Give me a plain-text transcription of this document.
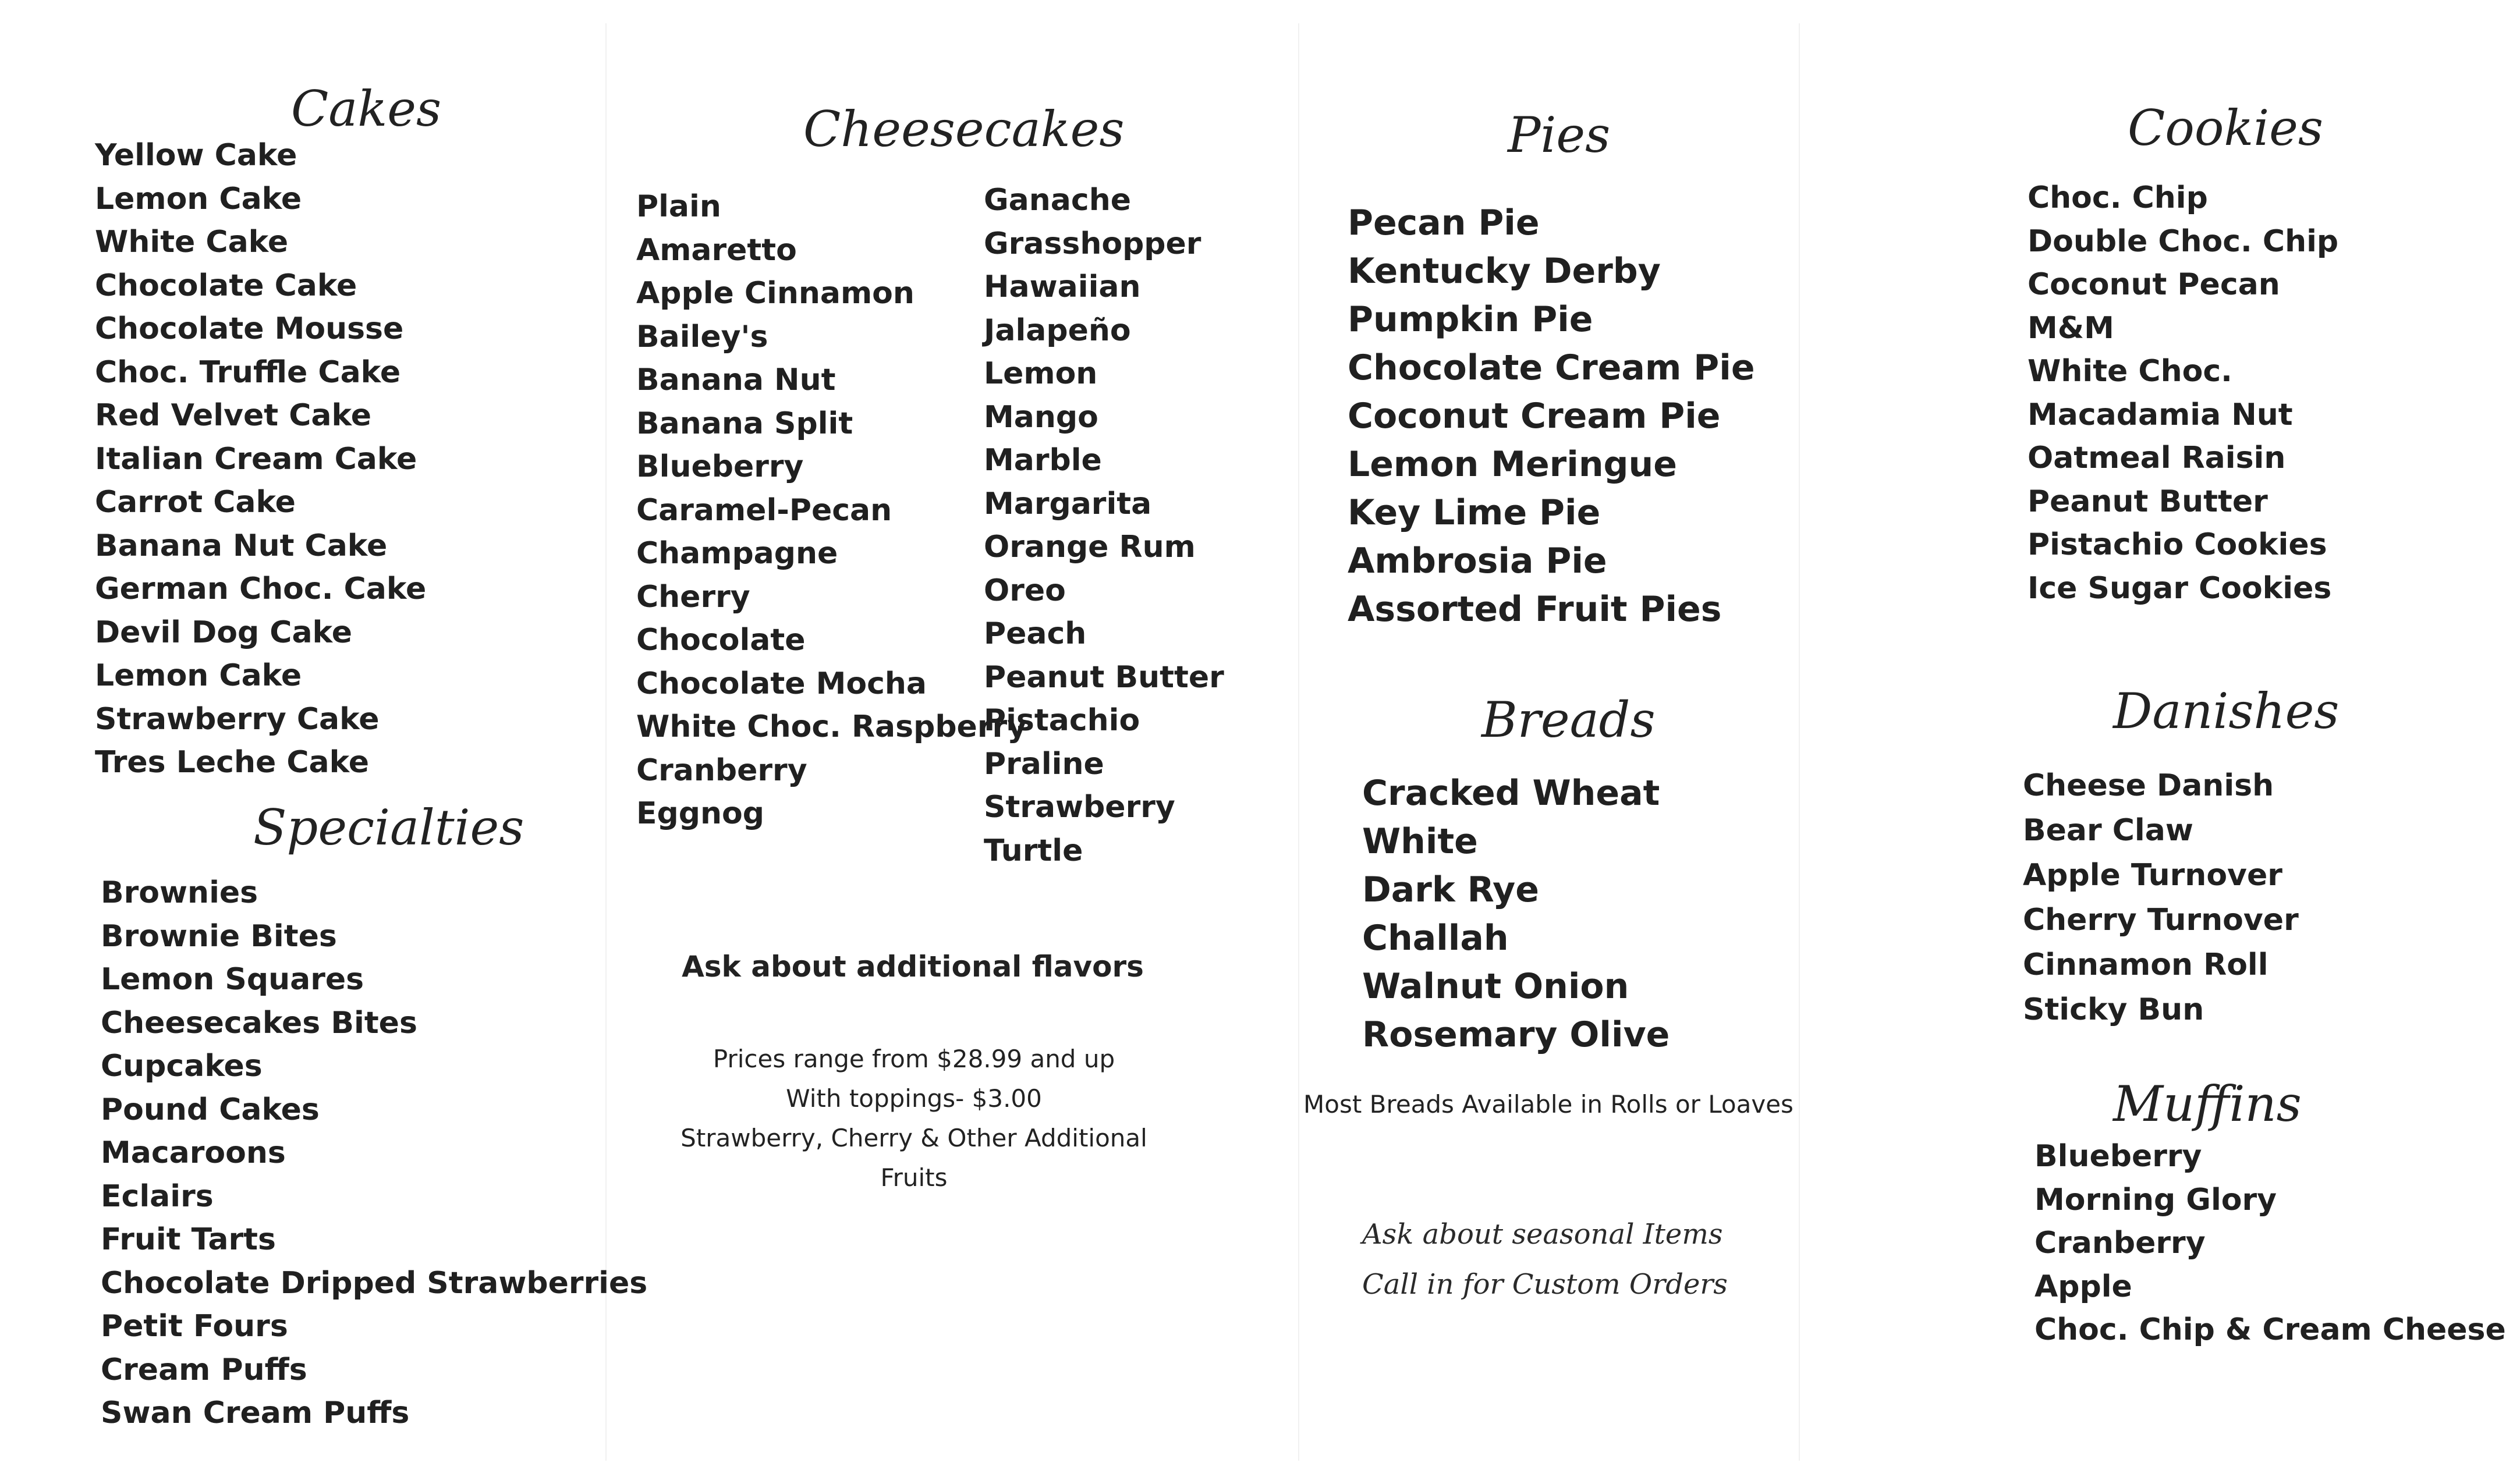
Cakes
Yellow Cake
Lemon Cake
White Cake
Chocolate Cake
Chocolate Mousse
Choc. Truffle Cake
Red Velvet Cake
Italian Cream Cake
Carrot Cake
Banana Nut Cake
German Choc. Cake
Devil Dog Cake
Lemon Cake
Strawberry Cake
Tres Leche Cake
Specialties
Brownies
Brownie Bites
Lemon Squares
Cheesecakes Bites
Cupcakes
Pound Cakes
Macaroons
Eclairs
Fruit Tarts
Chocolate Dripped Strawberries
Petit Fours
Cream Puffs
Swan Cream Puffs
Cheesecakes
Plain
Amaretto
Apple Cinnamon
Bailey's
Banana Nut
Banana Split
Blueberry
Caramel-Pecan
Champagne
Cherry
Chocolate
Chocolate Mocha
White Choc. Raspberry
Cranberry
Eggnog
Ganache
Grasshopper
Hawaiian
Jalapeño
Lemon
Mango
Marble
Margarita
Orange Rum
Oreo
Peach
Peanut Butter
Pistachio
Praline
Strawberry
Turtle
Ask about additional flavors
Prices range from $28.99 and up
With toppings- $3.00
Strawberry, Cherry & Other Additional
Fruits
Pies
Pecan Pie
Kentucky Derby
Pumpkin Pie
Chocolate Cream Pie
Coconut Cream Pie
Lemon Meringue
Key Lime Pie
Ambrosia Pie
Assorted Fruit Pies
Breads
Cracked Wheat
White
Dark Rye
Challah
Walnut Onion
Rosemary Olive
Most Breads Available in Rolls or Loaves
Ask about seasonal Items
Call in for Custom Orders
Cookies
Choc. Chip
Double Choc. Chip
Coconut Pecan
M&M
White Choc.
Macadamia Nut
Oatmeal Raisin
Peanut Butter
Pistachio Cookies
Ice Sugar Cookies
Danishes
Cheese Danish
Bear Claw
Apple Turnover
Cherry Turnover
Cinnamon Roll
Sticky Bun
Muffins
Blueberry
Morning Glory
Cranberry
Apple
Choc. Chip & Cream Cheese
